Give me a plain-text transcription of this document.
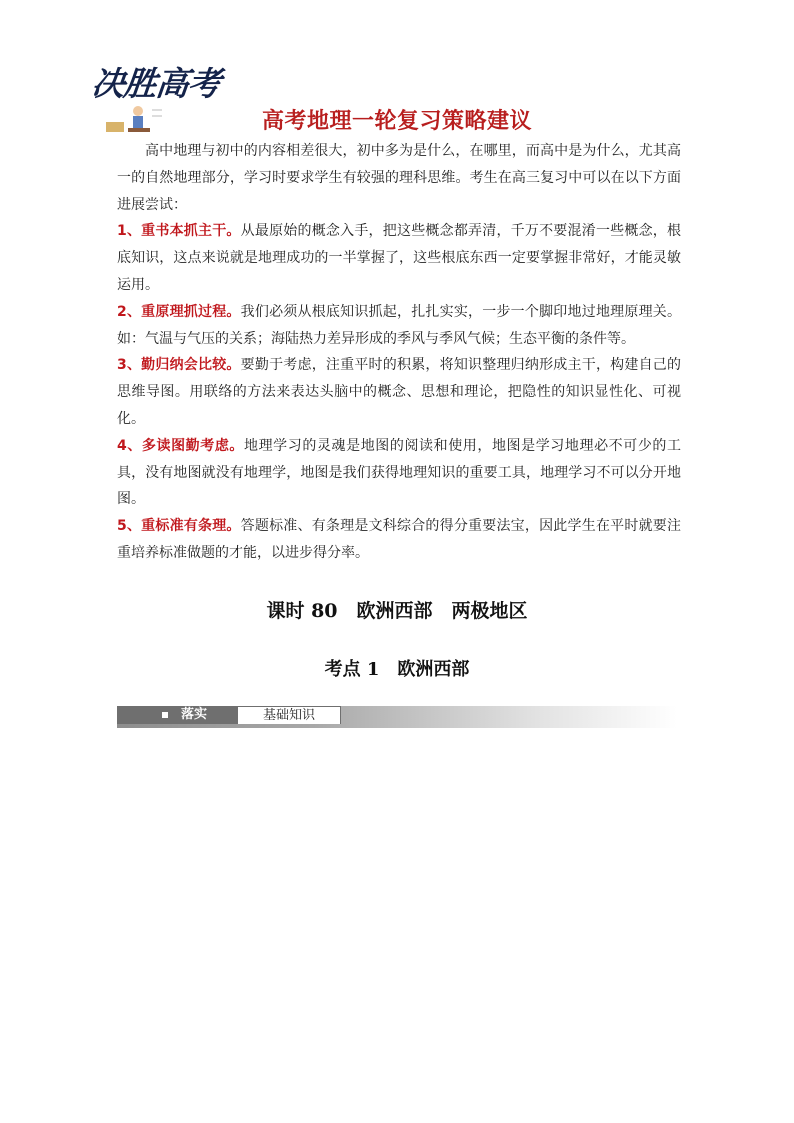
决胜高考
高考地理一轮复习策略建议

高中地理与初中的内容相差很大，初中多为是什么，在哪里，而高中是为什么，尤其高一的自然地理部分，学习时要求学生有较强的理科思维。考生在高三复习中可以在以下方面进展尝试：

1、重书本抓主干。从最原始的概念入手，把这些概念都弄清，千万不要混淆一些概念，根底知识，这点来说就是地理成功的一半掌握了，这些根底东西一定要掌握非常好，才能灵敏运用。

2、重原理抓过程。我们必须从根底知识抓起，扎扎实实，一步一个脚印地过地理原理关。如：气温与气压的关系；海陆热力差异形成的季风与季风气候；生态平衡的条件等。

3、勤归纳会比较。要勤于考虑，注重平时的积累，将知识整理归纳形成主干，构建自己的思维导图。用联络的方法来表达头脑中的概念、思想和理论，把隐性的知识显性化、可视化。

4、多读图勤考虑。地理学习的灵魂是地图的阅读和使用，地图是学习地理必不可少的工具，没有地图就没有地理学，地图是我们获得地理知识的重要工具，地理学习不可以分开地图。

5、重标准有条理。答题标准、有条理是文科综合的得分重要法宝，因此学生在平时就要注重培养标准做题的才能，以进步得分率。

课时 80　欧洲西部　两极地区
考点 1　欧洲西部
落实	基础知识
